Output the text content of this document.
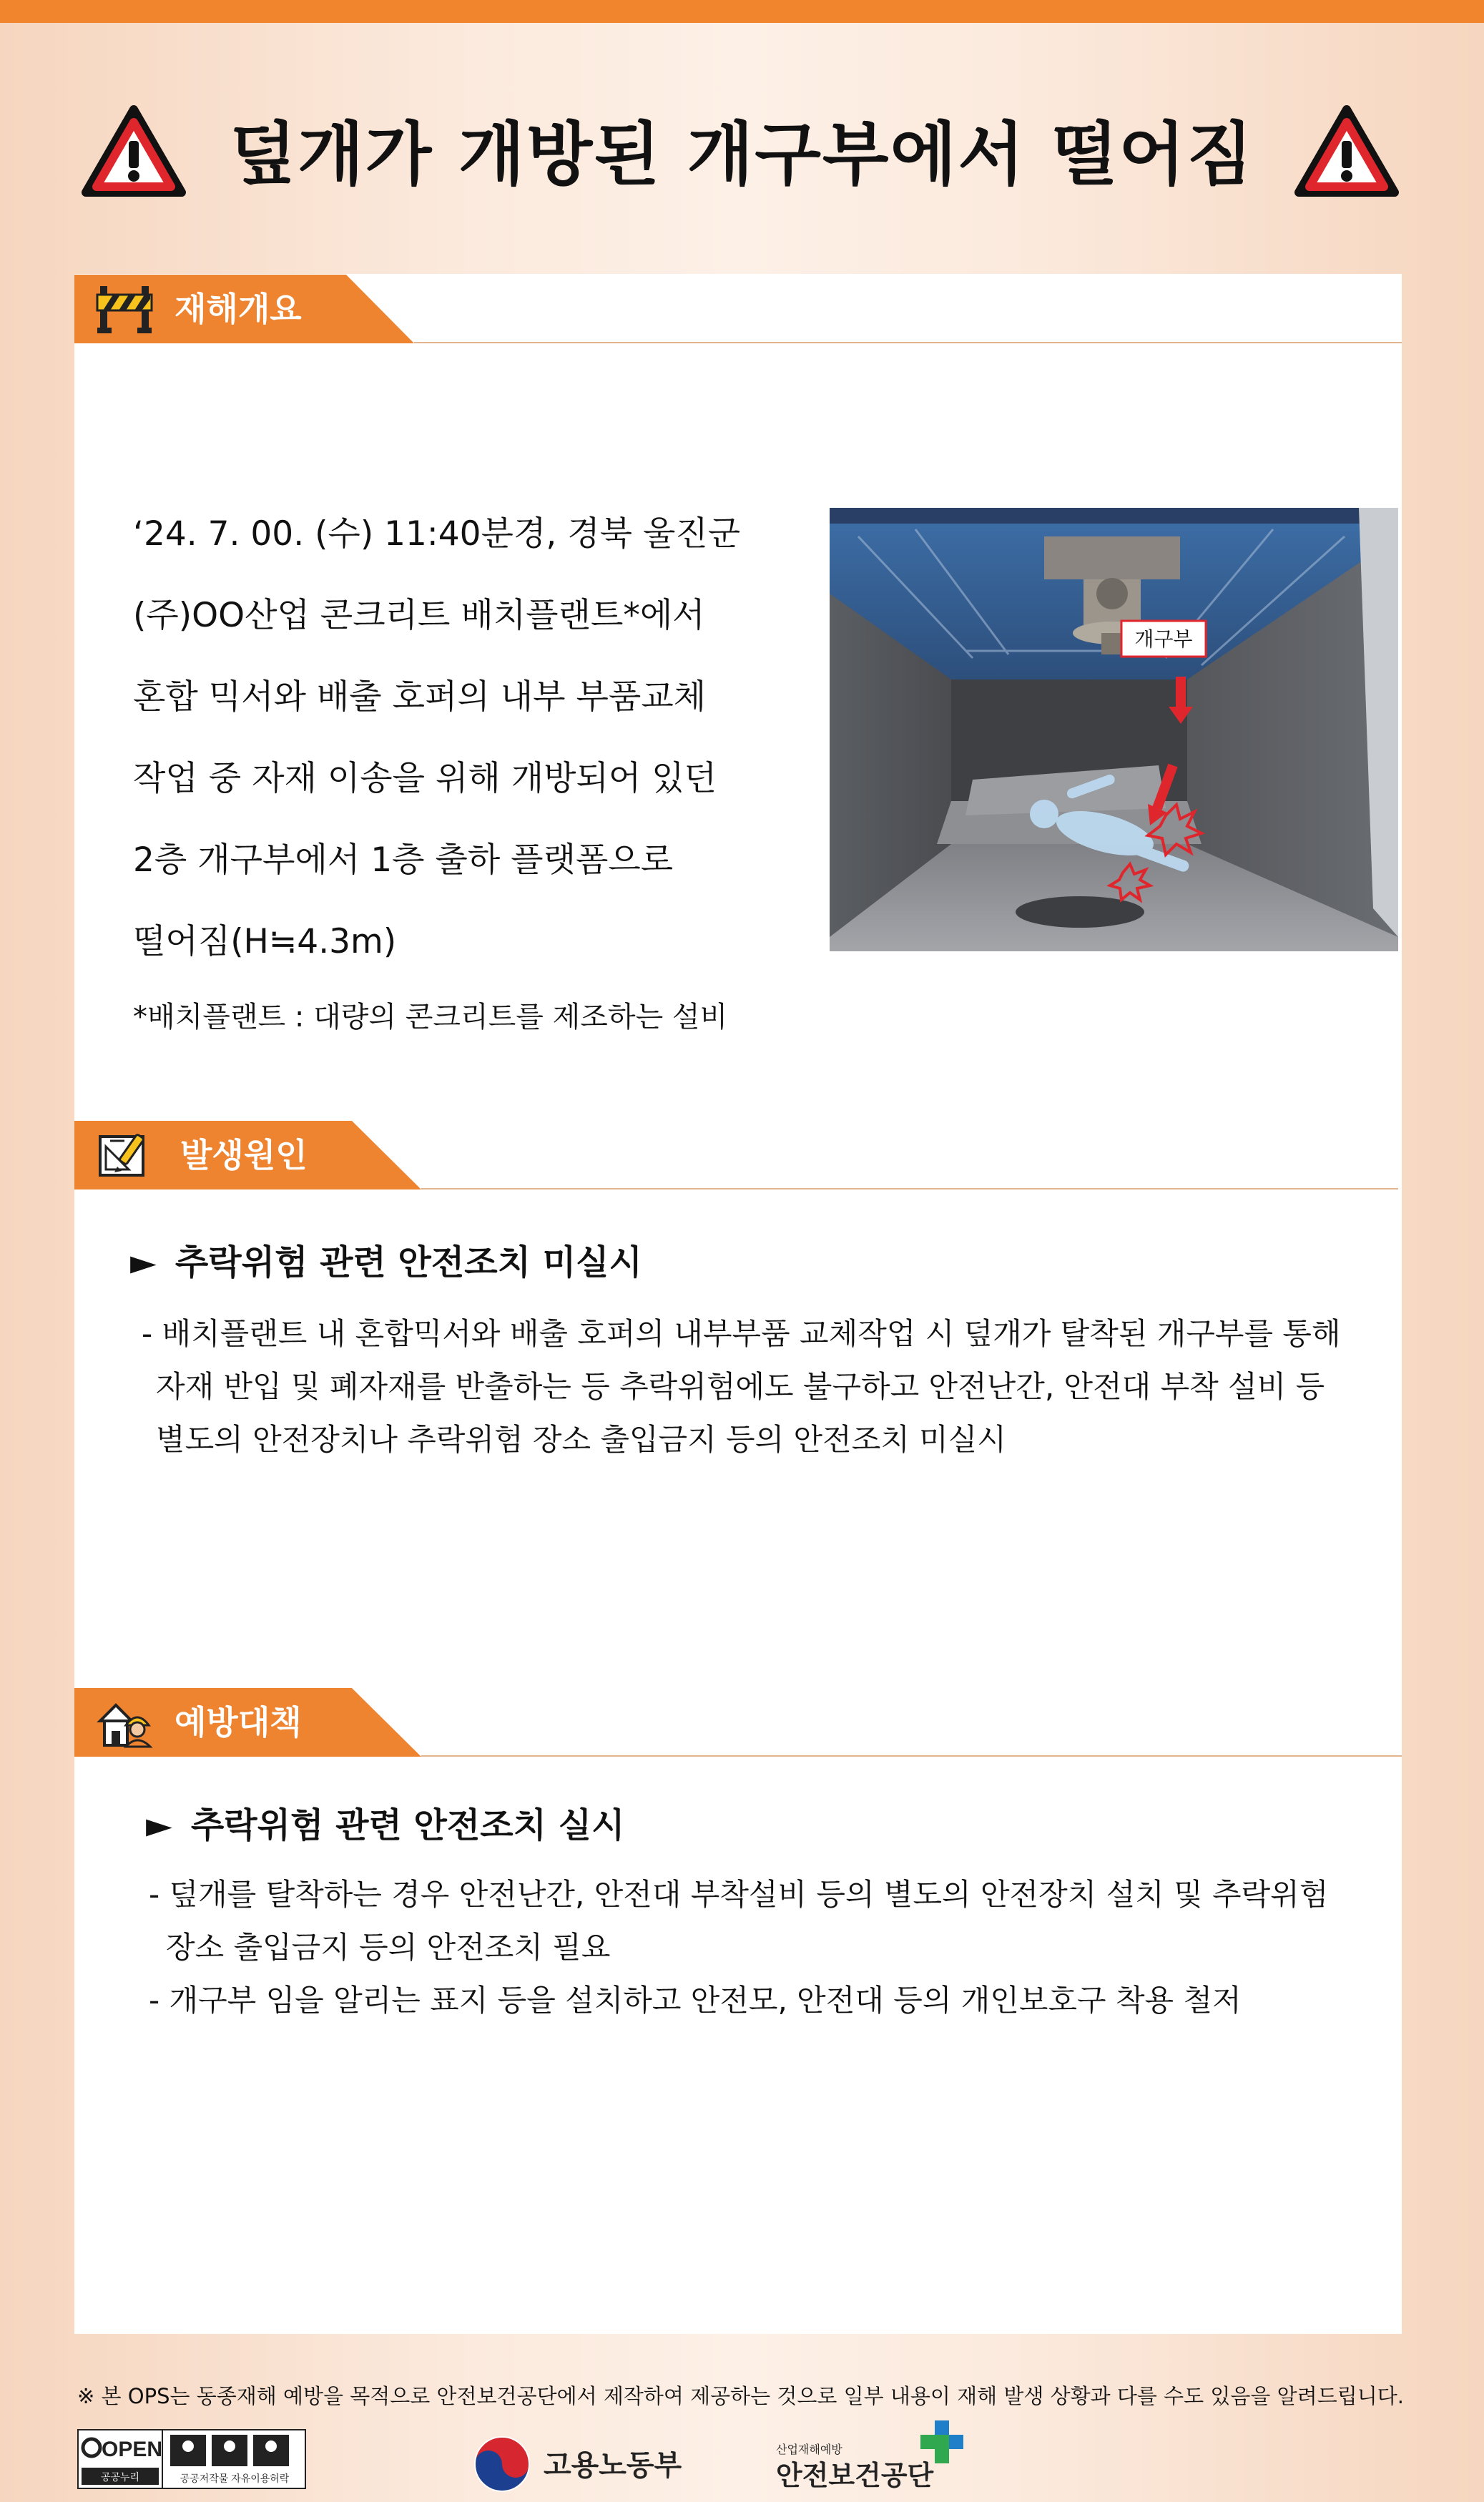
덮개가 개방된 개구부에서 떨어짐
재해개요
‘24. 7. 00. (수) 11:40분경, 경북 울진군
(주)OO산업 콘크리트 배치플랜트*에서
혼합 믹서와 배출 호퍼의 내부 부품교체
작업 중 자재 이송을 위해 개방되어 있던
2층 개구부에서 1층 출하 플랫폼으로
떨어짐(H≒4.3m)
*배치플랜트 : 대량의 콘크리트를 제조하는 설비
개구부
발생원인
► 추락위험 관련 안전조치 미실시
- 배치플랜트 내 혼합믹서와 배출 호퍼의 내부부품 교체작업 시 덮개가 탈착된 개구부를 통해
자재 반입 및 폐자재를 반출하는 등 추락위험에도 불구하고 안전난간, 안전대 부착 설비 등
별도의 안전장치나 추락위험 장소 출입금지 등의 안전조치 미실시
예방대책
► 추락위험 관련 안전조치 실시
- 덮개를 탈착하는 경우 안전난간, 안전대 부착설비 등의 별도의 안전장치 설치 및 추락위험
장소 출입금지 등의 안전조치 필요
- 개구부 임을 알리는 표지 등을 설치하고 안전모, 안전대 등의 개인보호구 착용 철저
※ 본 OPS는 동종재해 예방을 목적으로 안전보건공단에서 제작하여 제공하는 것으로 일부 내용이 재해 발생 상황과 다를 수도 있음을 알려드립니다.
OPEN
공공누리	공공저작물 자유이용허락	고용노동부	산업재해예방
안전보건공단
